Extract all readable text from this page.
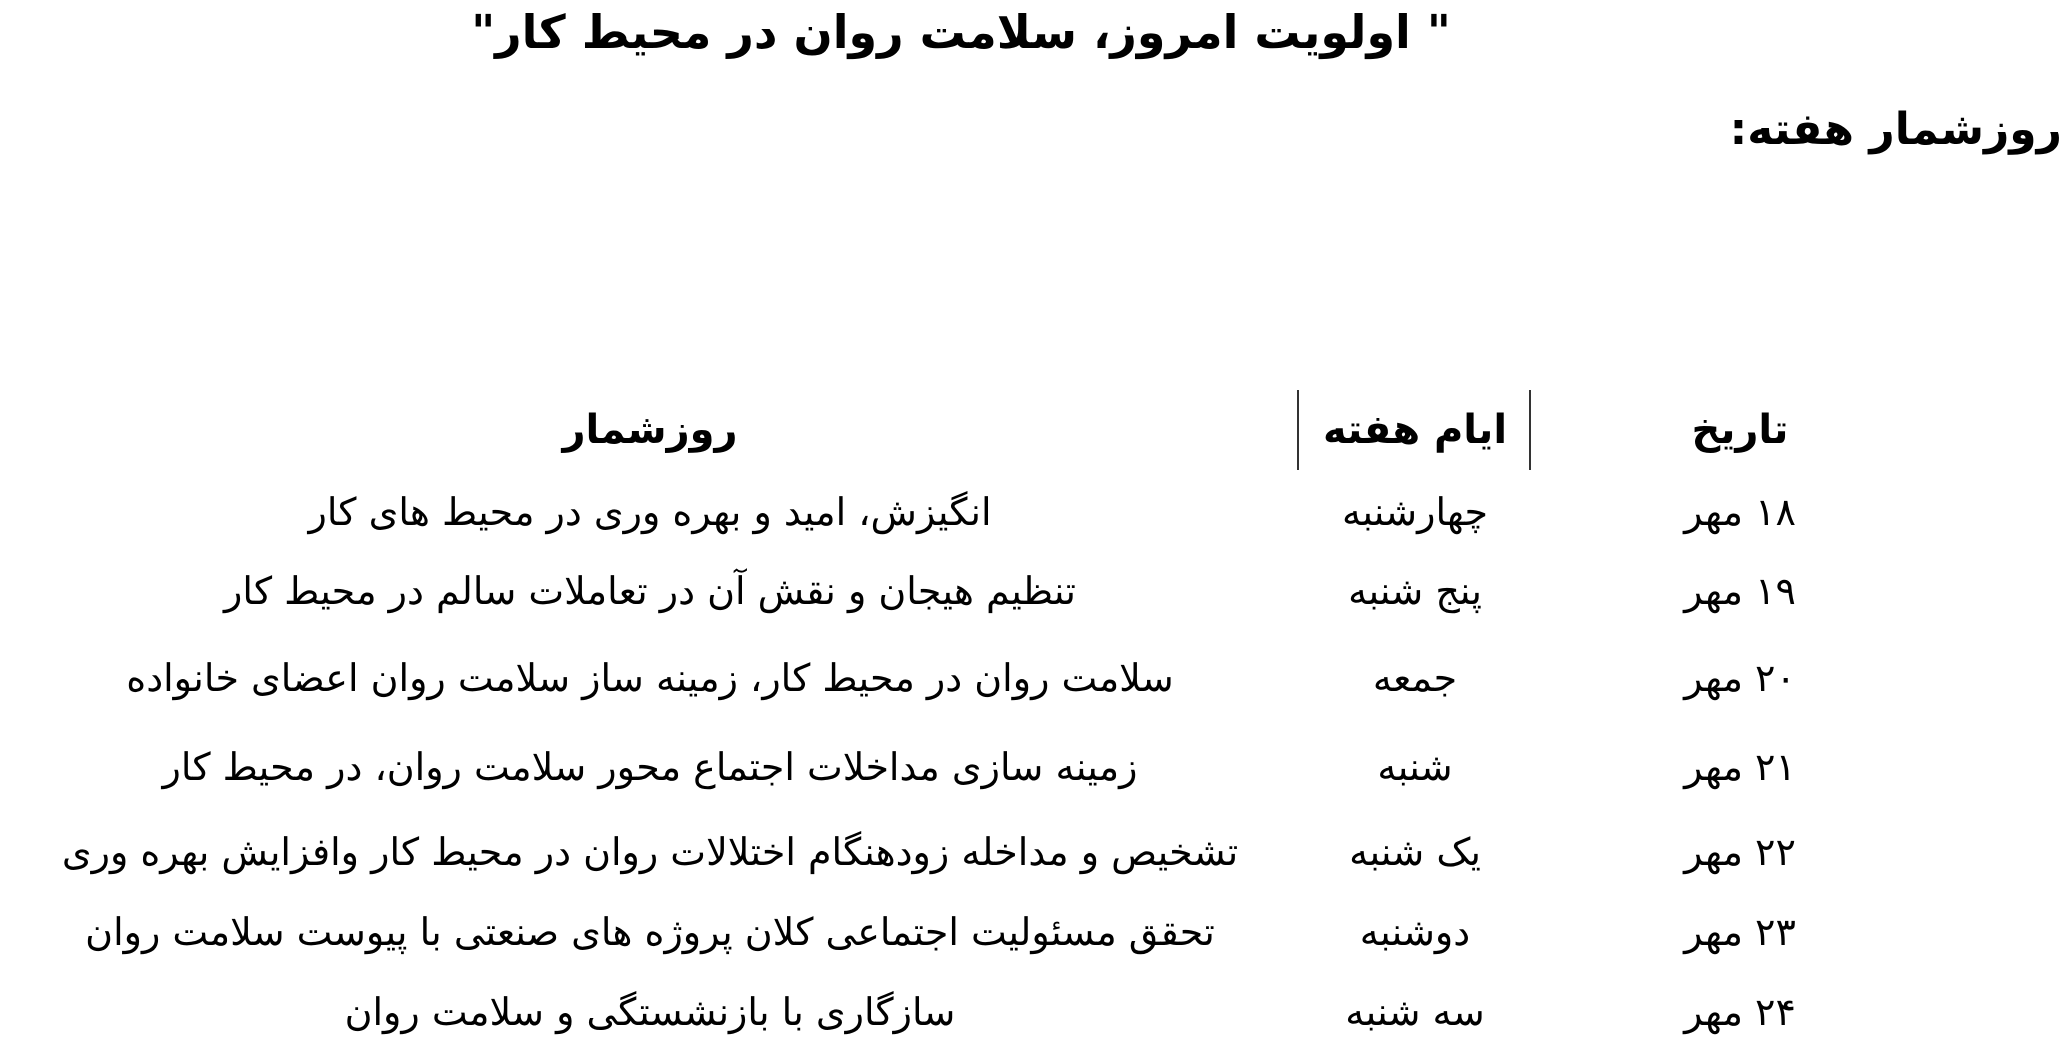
" اولویت امروز، سلامت روان در محیط کار"
روزشمار هفته:
تاریخ
ایام هفته
روزشمار
۱۸ مهر
چهارشنبه
انگیزش، امید و بهره وری در محیط های کار
۱۹ مهر
پنج شنبه
تنظیم هیجان و نقش آن در تعاملات سالم در محیط کار
۲۰ مهر
جمعه
سلامت روان در محیط کار، زمینه ساز سلامت روان اعضای خانواده
۲۱ مهر
شنبه
زمینه سازی مداخلات اجتماع محور سلامت روان، در محیط کار
۲۲ مهر
یک شنبه
تشخیص و مداخله زودهنگام اختلالات روان در محیط کار وافزایش بهره وری
۲۳ مهر
دوشنبه
تحقق مسئولیت اجتماعی کلان پروژه های صنعتی با پیوست سلامت روان
۲۴ مهر
سه شنبه
سازگاری با بازنشستگی و سلامت روان
